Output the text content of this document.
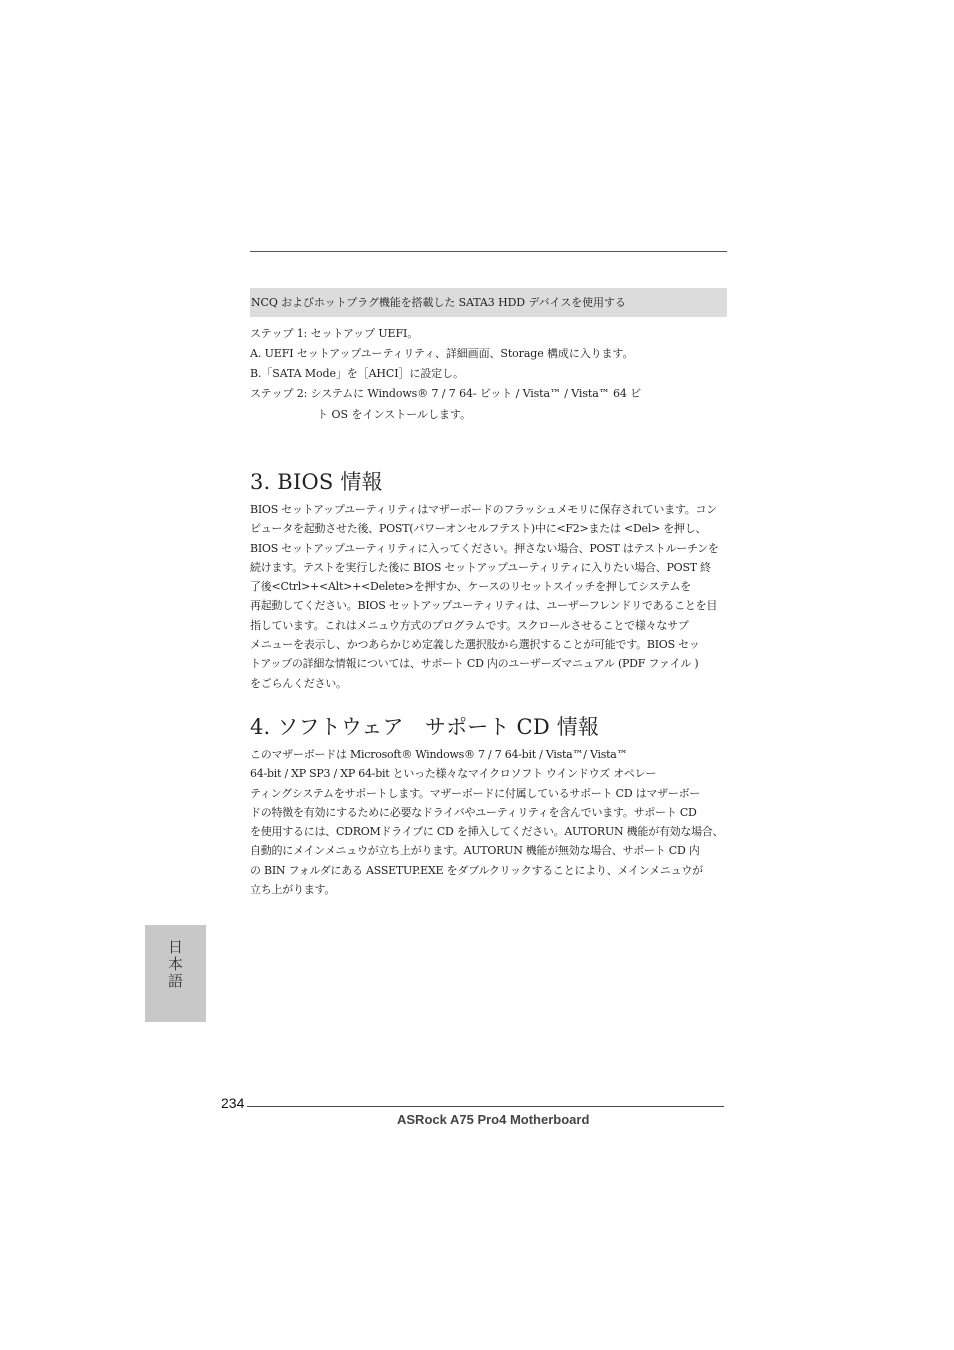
NCQ およびホットプラグ機能を搭載した SATA3 HDD デバイスを使用する
ステップ 1: セットアップ UEFI。
A. UEFI セットアップユーティリティ、詳細画面、Storage 構成に入ります。
B.「SATA Mode」を［AHCI］に設定し。
ステップ 2: システムに Windows® 7 / 7 64- ビット / Vista™ / Vista™ 64 ビ
ト OS をインストールします。
3. BIOS 情報
BIOS セットアップユーティリティはマザーボードのフラッシュメモリに保存されています。コン
ピュータを起動させた後、POST(パワーオンセルフテスト)中に<F2>または <Del> を押し、
BIOS セットアップユーティリティに入ってください。押さない場合、POST はテストルーチンを
続けます。テストを実行した後に BIOS セットアップユーティリティに入りたい場合、POST 終
了後<Ctrl>+<Alt>+<Delete>を押すか、ケースのリセットスイッチを押してシステムを
再起動してください。BIOS セットアップユーティリティは、ユーザーフレンドリであることを目
指しています。これはメニュウ方式のプログラムです。スクロールさせることで様々なサブ
メニューを表示し、かつあらかじめ定義した選択肢から選択することが可能です。BIOS セッ
トアップの詳細な情報については、サポート CD 内のユーザーズマニュアル (PDF ファイル )
をごらんください。
4. ソフトウェア　サポート CD 情報
このマザーボードは Microsoft® Windows® 7 / 7 64-bit / Vista™/ Vista™
64-bit / XP SP3 / XP 64-bit といった様々なマイクロソフト ウインドウズ オペレー
ティングシステムをサポートします。マザーボードに付属しているサポート CD はマザーボー
ドの特徴を有効にするために必要なドライバやユーティリティを含んでいます。サポート CD
を使用するには、CDROMドライブに CD を挿入してください。AUTORUN 機能が有効な場合、
自動的にメインメニュウが立ち上がります。AUTORUN 機能が無効な場合、サポート CD 内
の BIN フォルダにある ASSETUP.EXE をダブルクリックすることにより、メインメニュウが
立ち上がります。
日本語
234
ASRock A75 Pro4 Motherboard
